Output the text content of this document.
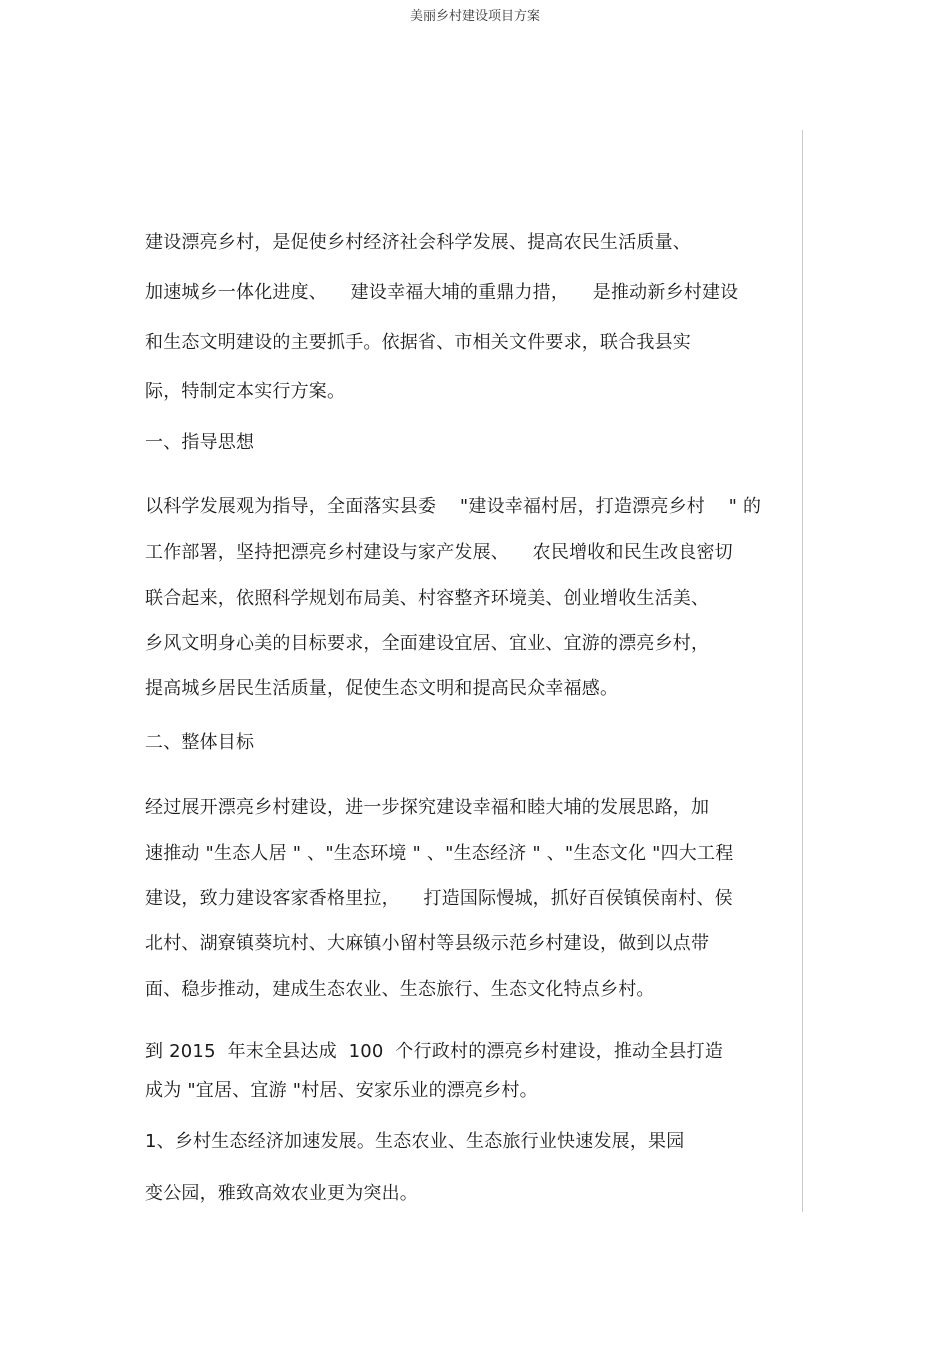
美丽乡村建设项目方案
建设漂亮乡村，是促使乡村经济社会科学发展、提高农民生活质量、
加速城乡一体化进度、    建设幸福大埔的重鼎力措，    是推动新乡村建设
和生态文明建设的主要抓手。依据省、市相关文件要求，联合我县实
际，特制定本实行方案。
一、指导思想
以科学发展观为指导，全面落实县委    "建设幸福村居，打造漂亮乡村    " 的
工作部署，坚持把漂亮乡村建设与家产发展、    农民增收和民生改良密切
联合起来，依照科学规划布局美、村容整齐环境美、创业增收生活美、
乡风文明身心美的目标要求，全面建设宜居、宜业、宜游的漂亮乡村，
提高城乡居民生活质量，促使生态文明和提高民众幸福感。
二、整体目标
经过展开漂亮乡村建设，进一步探究建设幸福和睦大埔的发展思路，加
速推动 "生态人居 " 、"生态环境 " 、"生态经济 " 、"生态文化 "四大工程
建设，致力建设客家香格里拉，    打造国际慢城，抓好百侯镇侯南村、侯
北村、湖寮镇葵坑村、大麻镇小留村等县级示范乡村建设，做到以点带
面、稳步推动，建成生态农业、生态旅行、生态文化特点乡村。
到 2015  年末全县达成  100  个行政村的漂亮乡村建设，推动全县打造
成为 "宜居、宜游 "村居、安家乐业的漂亮乡村。
1、乡村生态经济加速发展。生态农业、生态旅行业快速发展，果园
变公园，雅致高效农业更为突出。
